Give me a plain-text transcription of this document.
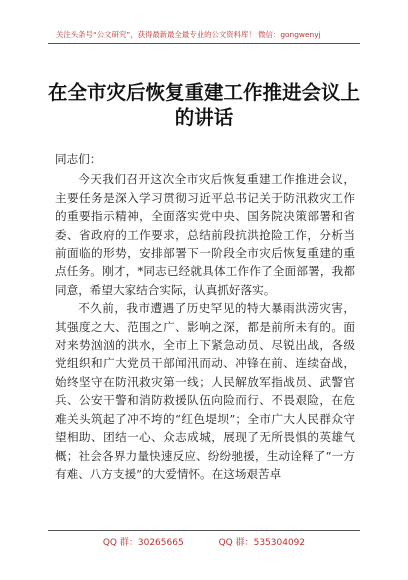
关注头条号“公文研究”，获得最新最全最专业的公文资料库！ 微信：gongwenyj
在全市灾后恢复重建工作推进会议上的讲话

同志们：

今天我们召开这次全市灾后恢复重建工作推进会议，主要任务是深入学习贯彻习近平总书记关于防汛救灾工作的重要指示精神，全面落实党中央、国务院决策部署和省委、省政府的工作要求，总结前段抗洪抢险工作，分析当前面临的形势，安排部署下一阶段全市灾后恢复重建的重点任务。刚才，*同志已经就具体工作作了全面部署，我都同意，希望大家结合实际，认真抓好落实。

不久前，我市遭遇了历史罕见的特大暴雨洪涝灾害，其强度之大、范围之广、影响之深，都是前所未有的。面对来势汹汹的洪水，全市上下紧急动员、尽锐出战，各级党组织和广大党员干部闻汛而动、冲锋在前、连续奋战，始终坚守在防汛救灾第一线；人民解放军指战员、武警官兵、公安干警和消防救援队伍向险而行、不畏艰险，在危难关头筑起了冲不垮的“红色堤坝”；全市广大人民群众守望相助、团结一心、众志成城，展现了无所畏惧的英雄气概；社会各界力量快速反应、纷纷驰援，生动诠释了“一方有难、八方支援”的大爱情怀。在这场艰苦卓

QQ 群：30265665	QQ 群：535304092
